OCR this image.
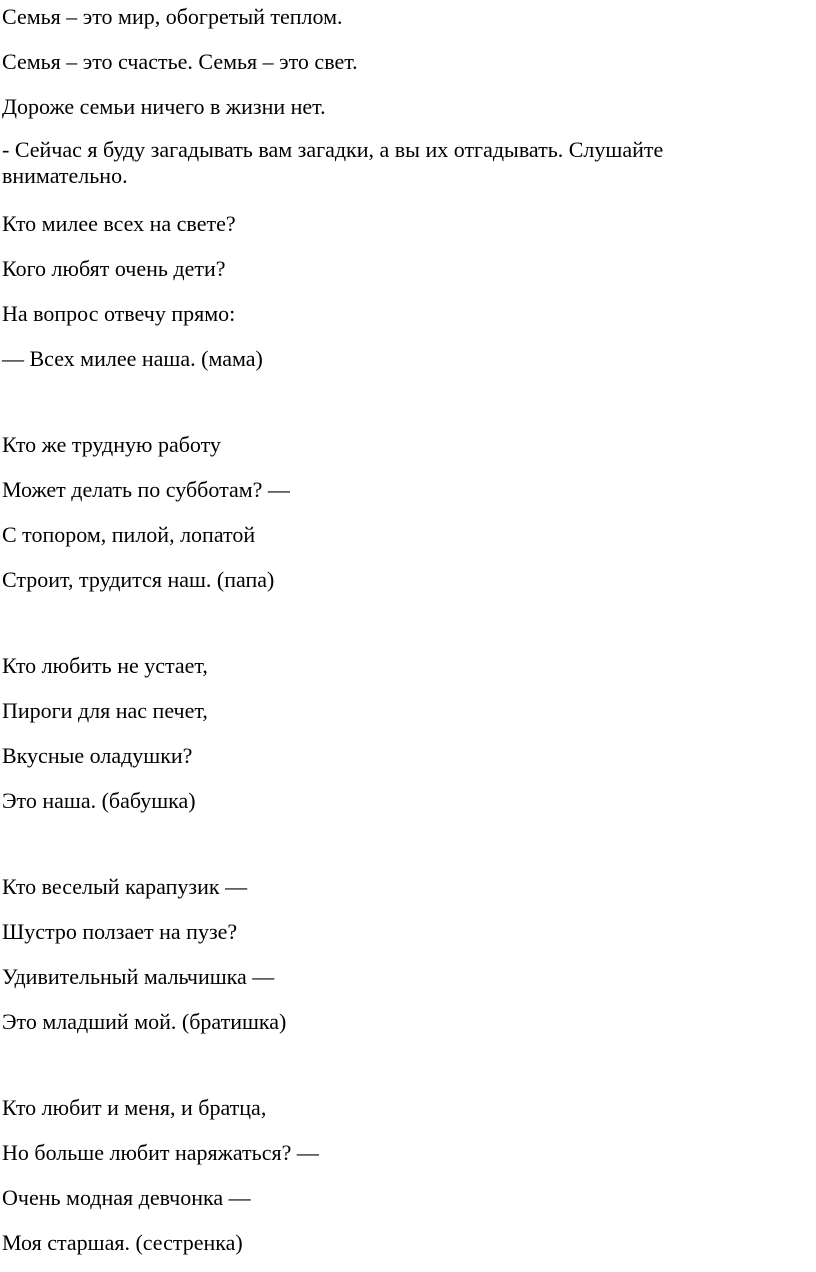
Семья – это мир, обогретый теплом.
Семья – это счастье. Семья – это свет.
Дороже семьи ничего в жизни нет.
- Сейчас я буду загадывать вам загадки, а вы их отгадывать. Слушайте
внимательно.
Кто милее всех на свете?
Кого любят очень дети?
На вопрос отвечу прямо:
— Всех милее наша. (мама)
Кто же трудную работу
Может делать по субботам? —
С топором, пилой, лопатой
Строит, трудится наш. (папа)
Кто любить не устает,
Пироги для нас печет,
Вкусные оладушки?
Это наша. (бабушка)
Кто веселый карапузик —
Шустро ползает на пузе?
Удивительный мальчишка —
Это младший мой. (братишка)
Кто любит и меня, и братца,
Но больше любит наряжаться? —
Очень модная девчонка —
Моя старшая. (сестренка)
